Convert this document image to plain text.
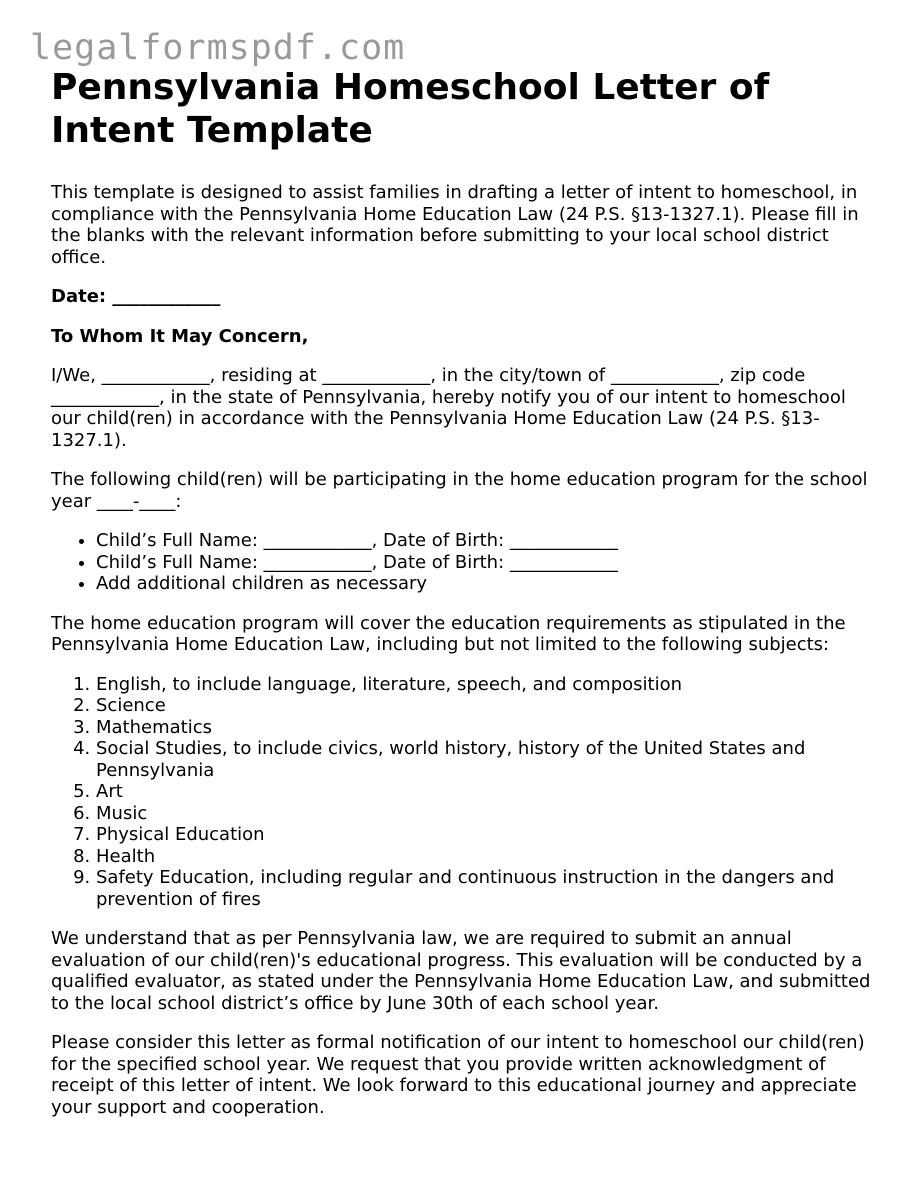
legalformspdf.com
Pennsylvania Homeschool Letter of Intent Template

This template is designed to assist families in drafting a letter of intent to homeschool, in compliance with the Pennsylvania Home Education Law (24 P.S. §13-1327.1). Please fill in the blanks with the relevant information before submitting to your local school district office.

Date: ____________

To Whom It May Concern,

I/We, ____________, residing at ____________, in the city/town of ____________, zip code ____________, in the state of Pennsylvania, hereby notify you of our intent to homeschool our child(ren) in accordance with the Pennsylvania Home Education Law (24 P.S. §13-1327.1).

The following child(ren) will be participating in the home education program for the school year ____-____:

• Child’s Full Name: ____________, Date of Birth: ____________
• Child’s Full Name: ____________, Date of Birth: ____________
• Add additional children as necessary

The home education program will cover the education requirements as stipulated in the Pennsylvania Home Education Law, including but not limited to the following subjects:

1. English, to include language, literature, speech, and composition
2. Science
3. Mathematics
4. Social Studies, to include civics, world history, history of the United States and Pennsylvania
5. Art
6. Music
7. Physical Education
8. Health
9. Safety Education, including regular and continuous instruction in the dangers and prevention of fires

We understand that as per Pennsylvania law, we are required to submit an annual evaluation of our child(ren)'s educational progress. This evaluation will be conducted by a qualified evaluator, as stated under the Pennsylvania Home Education Law, and submitted to the local school district’s office by June 30th of each school year.

Please consider this letter as formal notification of our intent to homeschool our child(ren) for the specified school year. We request that you provide written acknowledgment of receipt of this letter of intent. We look forward to this educational journey and appreciate your support and cooperation.
